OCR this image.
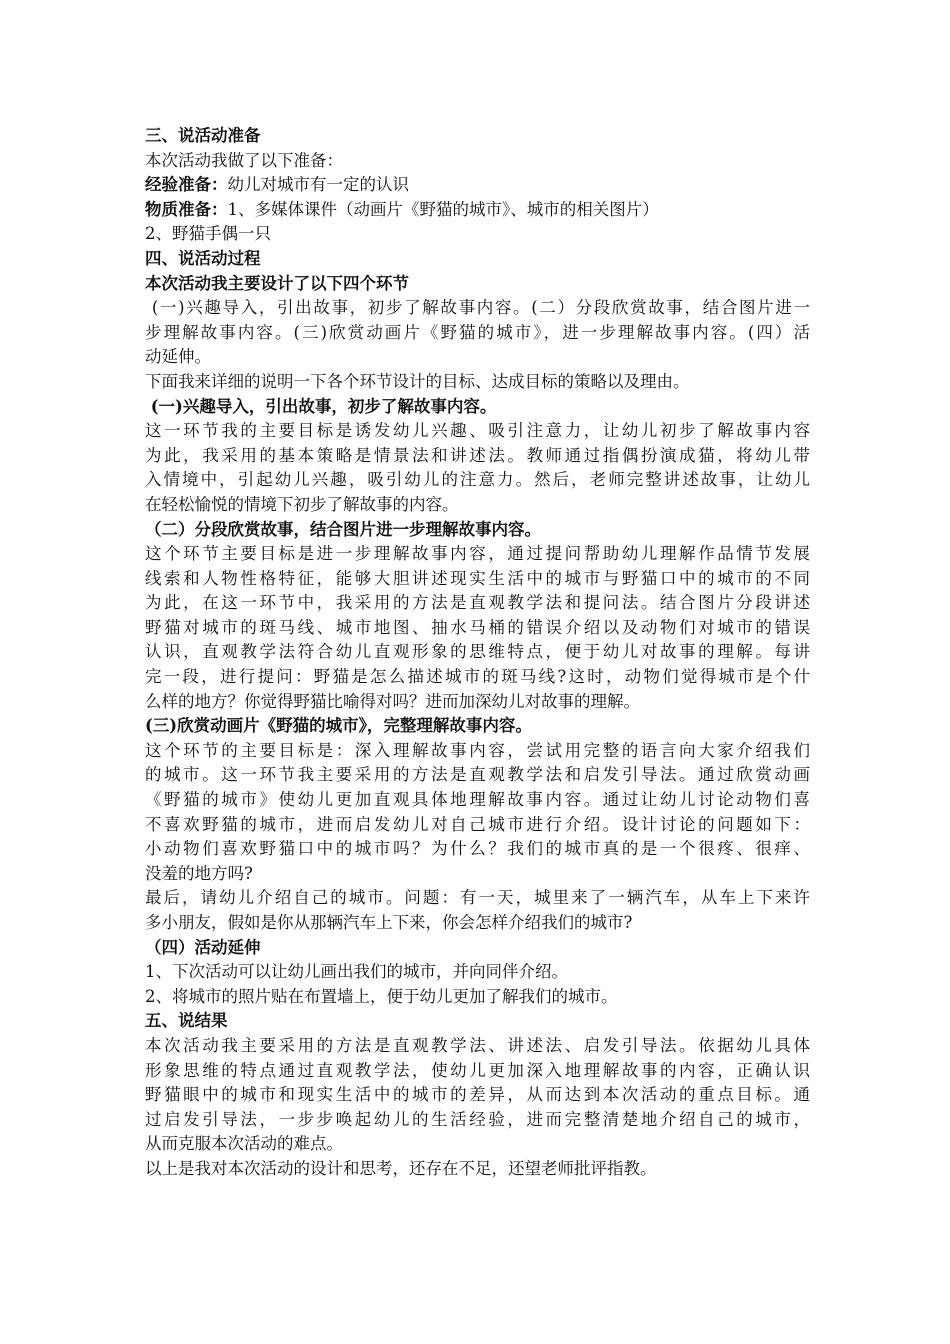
三、说活动准备

本次活动我做了以下准备：

经验准备：幼儿对城市有一定的认识

物质准备：1、多媒体课件（动画片《野猫的城市》、城市的相关图片）

2、野猫手偶一只

四、说活动过程

本次活动我主要设计了以下四个环节

(一)兴趣导入，引出故事，初步了解故事内容。(二）分段欣赏故事，结合图片进一

步理解故事内容。(三)欣赏动画片《野猫的城市》，进一步理解故事内容。(四）活

动延伸。

下面我来详细的说明一下各个环节设计的目标、达成目标的策略以及理由。

(一)兴趣导入，引出故事，初步了解故事内容。

这一环节我的主要目标是诱发幼儿兴趣、吸引注意力，让幼儿初步了解故事内容

为此，我采用的基本策略是情景法和讲述法。教师通过指偶扮演成猫，将幼儿带

入情境中，引起幼儿兴趣，吸引幼儿的注意力。然后，老师完整讲述故事，让幼儿

在轻松愉悦的情境下初步了解故事的内容。

（二）分段欣赏故事，结合图片进一步理解故事内容。

这个环节主要目标是进一步理解故事内容，通过提问帮助幼儿理解作品情节发展

线索和人物性格特征，能够大胆讲述现实生活中的城市与野猫口中的城市的不同

为此，在这一环节中，我采用的方法是直观教学法和提问法。结合图片分段讲述

野猫对城市的斑马线、城市地图、抽水马桶的错误介绍以及动物们对城市的错误

认识，直观教学法符合幼儿直观形象的思维特点，便于幼儿对故事的理解。每讲

完一段，进行提问：野猫是怎么描述城市的斑马线?这时，动物们觉得城市是个什

么样的地方？你觉得野猫比喻得对吗？进而加深幼儿对故事的理解。

(三)欣赏动画片《野猫的城市》，完整理解故事内容。

这个环节的主要目标是：深入理解故事内容，尝试用完整的语言向大家介绍我们

的城市。这一环节我主要采用的方法是直观教学法和启发引导法。通过欣赏动画

《野猫的城市》使幼儿更加直观具体地理解故事内容。通过让幼儿讨论动物们喜

不喜欢野猫的城市，进而启发幼儿对自己城市进行介绍。设计讨论的问题如下：

小动物们喜欢野猫口中的城市吗？为什么？我们的城市真的是一个很疼、很痒、

没羞的地方吗?

最后，请幼儿介绍自己的城市。问题：有一天，城里来了一辆汽车，从车上下来许

多小朋友，假如是你从那辆汽车上下来，你会怎样介绍我们的城市?

（四）活动延伸

1、下次活动可以让幼儿画出我们的城市，并向同伴介绍。

2、将城市的照片贴在布置墙上，便于幼儿更加了解我们的城市。

五、说结果

本次活动我主要采用的方法是直观教学法、讲述法、启发引导法。依据幼儿具体

形象思维的特点通过直观教学法，使幼儿更加深入地理解故事的内容，正确认识

野猫眼中的城市和现实生活中的城市的差异，从而达到本次活动的重点目标。通

过启发引导法，一步步唤起幼儿的生活经验，进而完整清楚地介绍自己的城市，

从而克服本次活动的难点。

以上是我对本次活动的设计和思考，还存在不足，还望老师批评指教。
